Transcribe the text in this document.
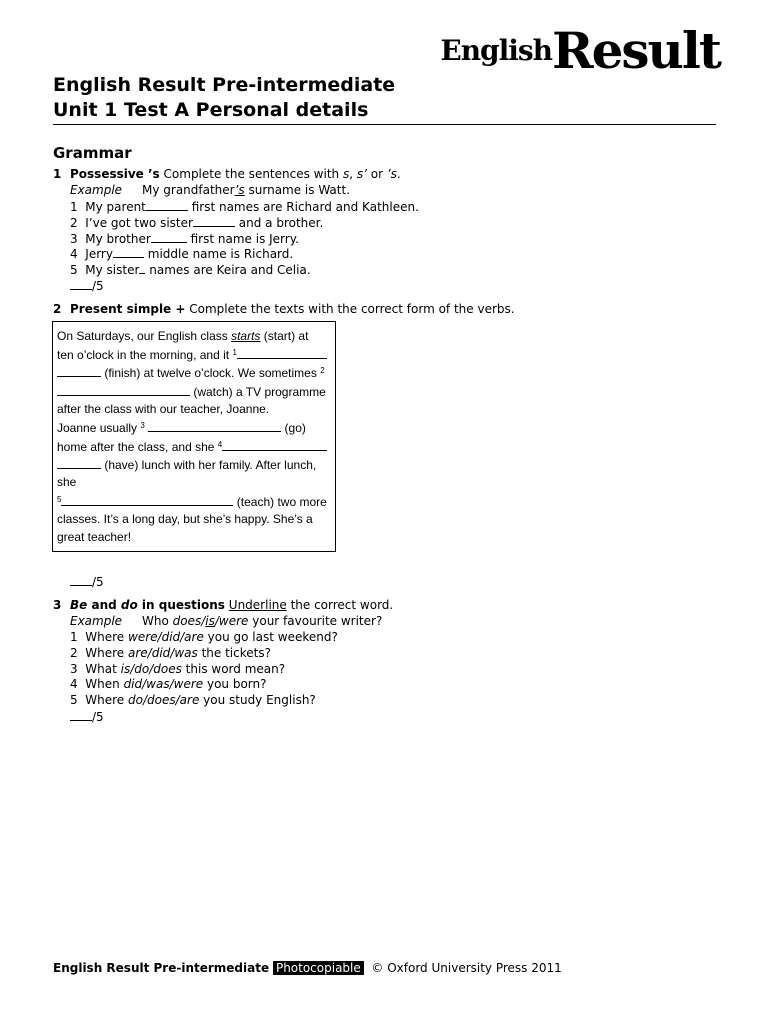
EnglishResult
English Result Pre-intermediate
Unit 1 Test A Personal details
Grammar
1 Possessive ’s Complete the sentences with s, s’ or ’s.
Example My grandfather’s surname is Watt.
1 My parent	first names are Richard and Kathleen.
2 I’ve got two sister	and a brother.
3 My brother	first name is Jerry.
4 Jerry	middle name is Richard.
5 My sister names are Keira and Celia.
/5
2 Present simple + Complete the texts with the correct form of the verbs.
On Saturdays, our English class starts (start) at
ten o’clock in the morning, and it $^1$
(finish) at twelve o’clock. We sometimes $^2$
(watch) a TV programme
after the class with our teacher, Joanne.
Joanne usually $^3$	(go)
home after the class, and she $^4$
(have) lunch with her family. After lunch,
she
$^5$	(teach) two more
classes. It’s a long day, but she’s happy. She’s a
great teacher!
/5
3 Be and do in questions Underline the correct word.
Example Who does/is/were your favourite writer?
1 Where were/did/are you go last weekend?
2 Where are/did/was the tickets?
3 What is/do/does this word mean?
4 When did/was/were you born?
5 Where do/does/are you study English?
/5
English Result Pre-intermediate Photocopiable © Oxford University Press 2011
